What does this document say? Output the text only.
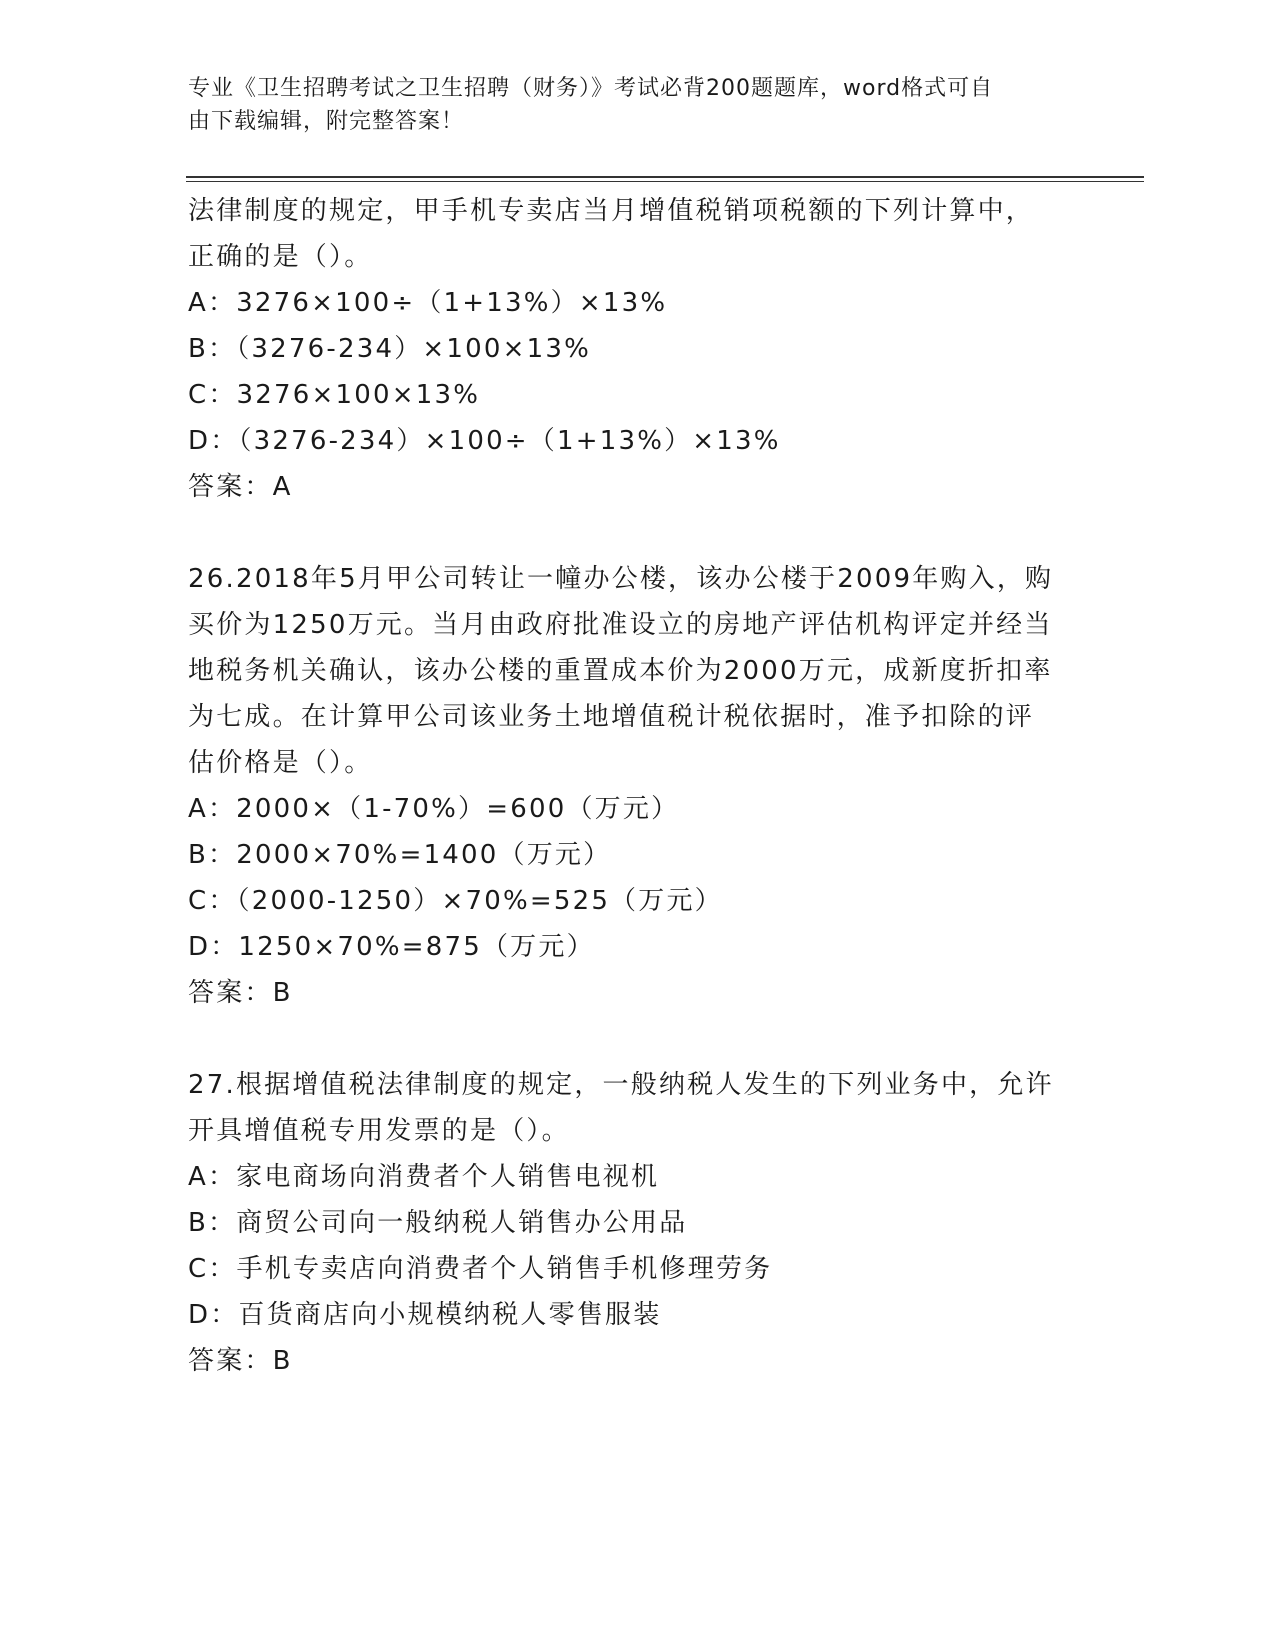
专业《卫生招聘考试之卫生招聘（财务）》考试必背200题题库，word格式可自
由下载编辑，附完整答案！
法律制度的规定，甲手机专卖店当月增值税销项税额的下列计算中，
正确的是（）。
A：3276×100÷（1+13%）×13%
B：（3276-234）×100×13%
C：3276×100×13%
D：（3276-234）×100÷（1+13%）×13%
答案：A
26.2018年5月甲公司转让一幢办公楼，该办公楼于2009年购入，购
买价为1250万元。当月由政府批准设立的房地产评估机构评定并经当
地税务机关确认，该办公楼的重置成本价为2000万元，成新度折扣率
为七成。在计算甲公司该业务土地增值税计税依据时，准予扣除的评
估价格是（）。
A：2000×（1-70%）=600（万元）
B：2000×70%=1400（万元）
C：（2000-1250）×70%=525（万元）
D：1250×70%=875（万元）
答案：B
27.根据增值税法律制度的规定，一般纳税人发生的下列业务中，允许
开具增值税专用发票的是（）。
A：家电商场向消费者个人销售电视机
B：商贸公司向一般纳税人销售办公用品
C：手机专卖店向消费者个人销售手机修理劳务
D：百货商店向小规模纳税人零售服装
答案：B
